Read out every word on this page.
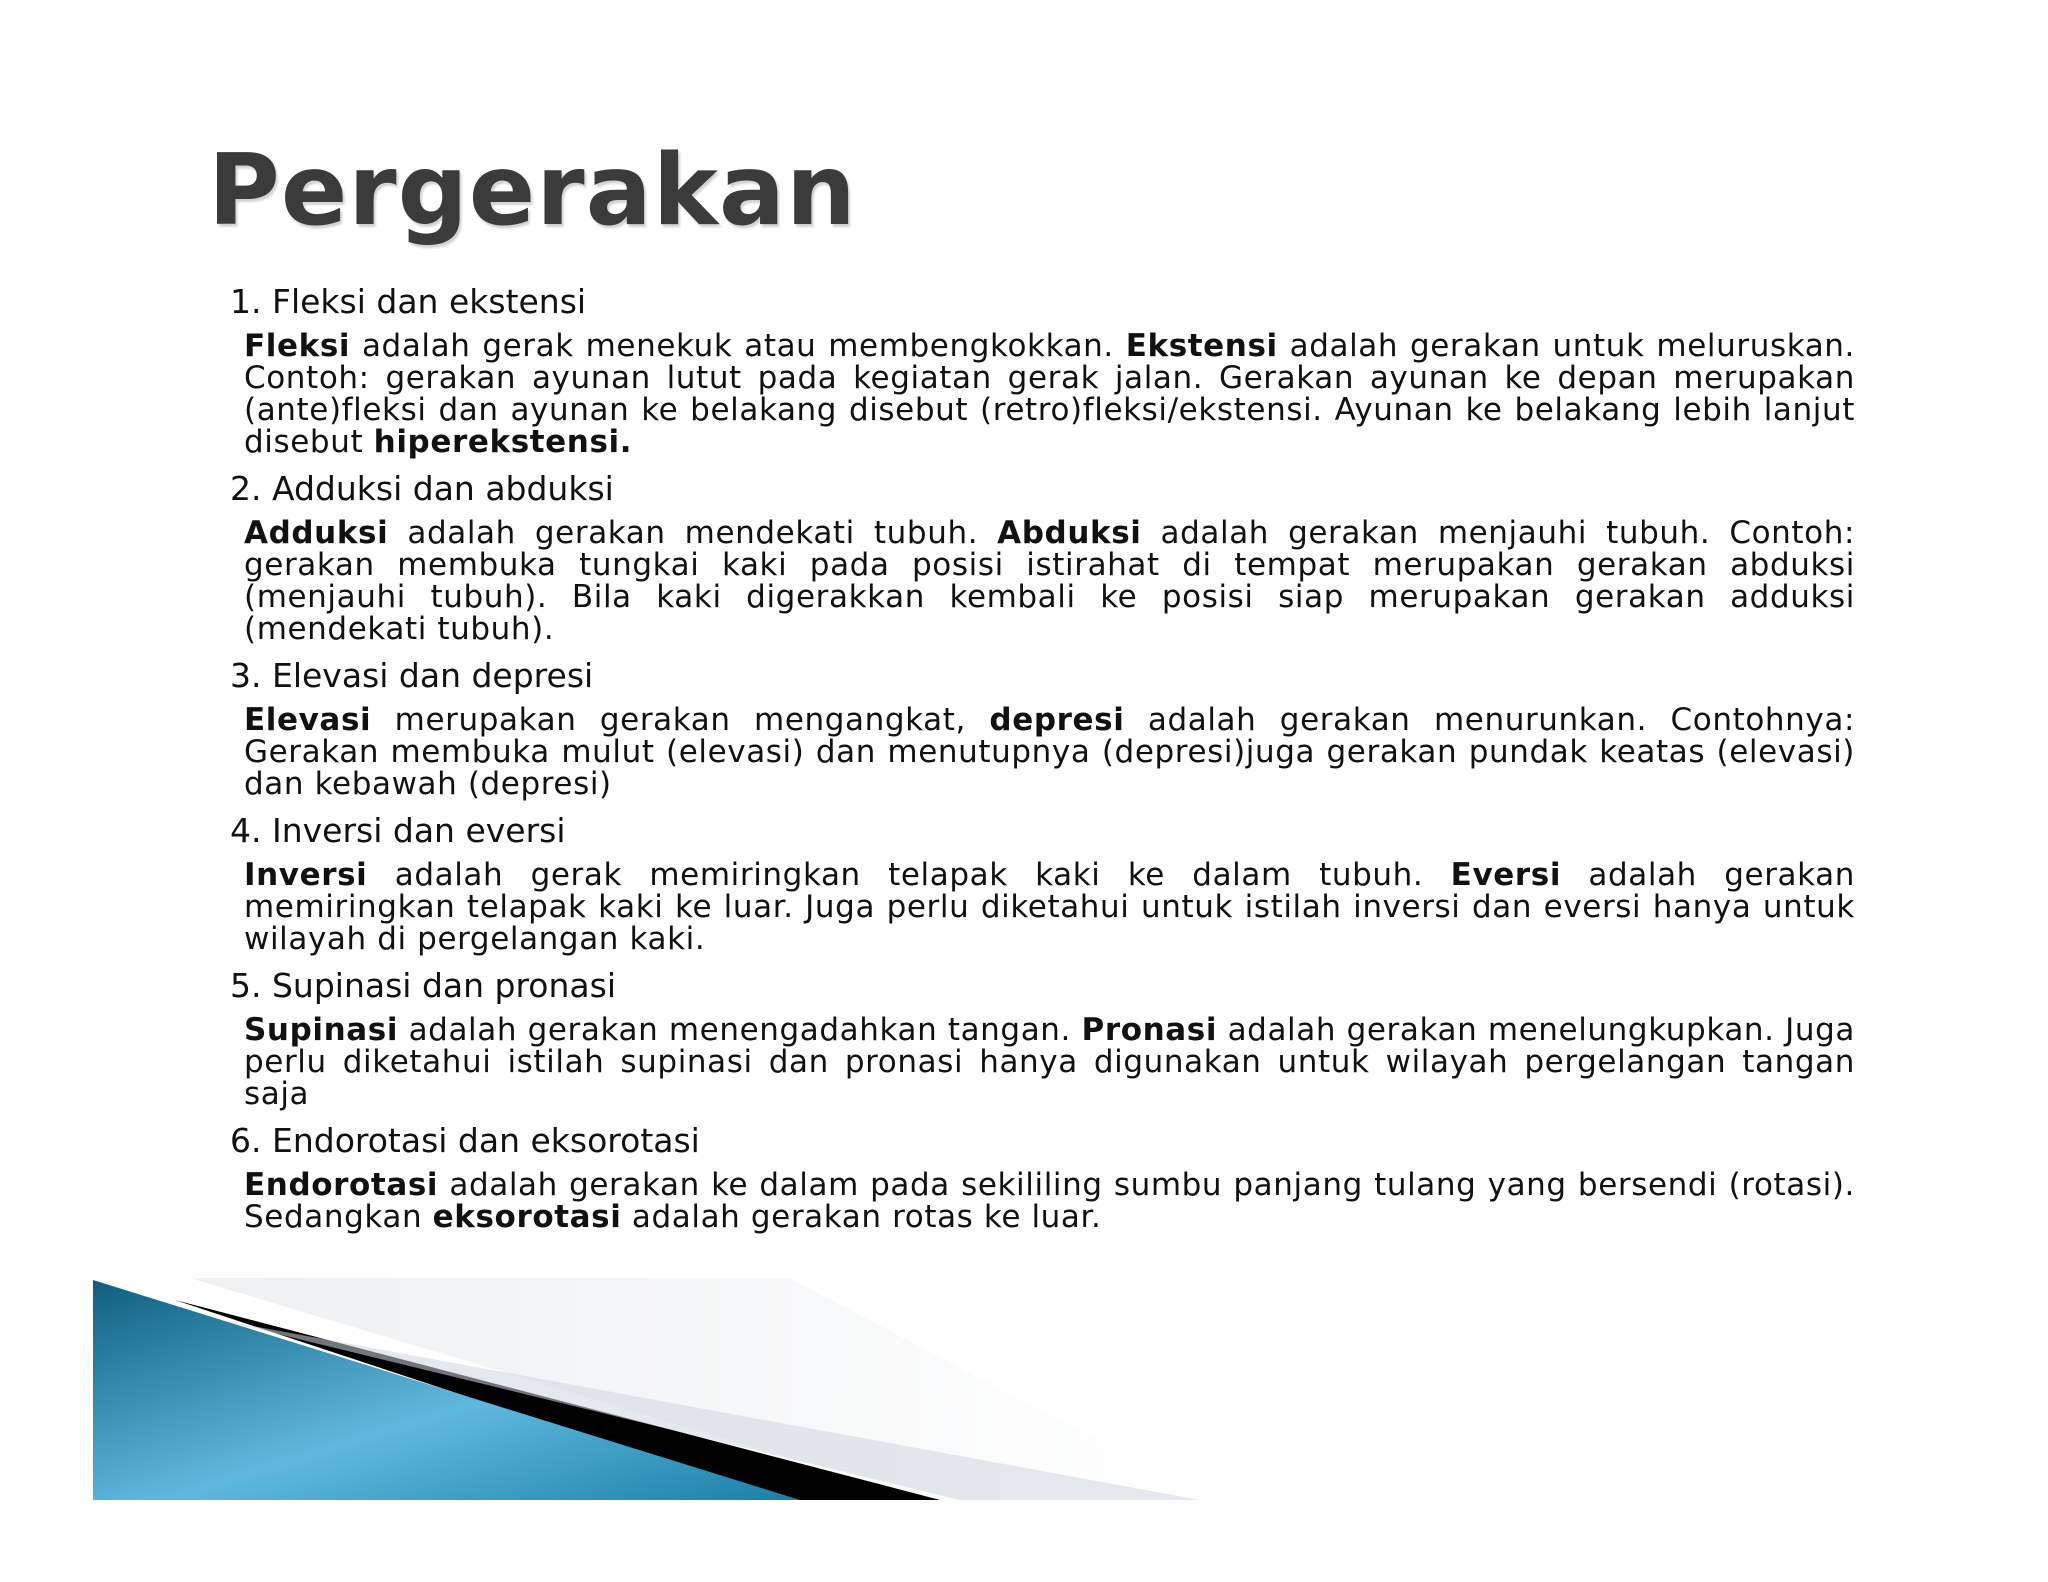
Pergerakan

1. Fleksi dan ekstensi

Fleksi adalah gerak menekuk atau membengkokkan. Ekstensi adalah gerakan untuk meluruskan. Contoh: gerakan ayunan lutut pada kegiatan gerak jalan. Gerakan ayunan ke depan merupakan (ante)fleksi dan ayunan ke belakang disebut (retro)fleksi/ekstensi. Ayunan ke belakang lebih lanjut disebut hiperekstensi.

2. Adduksi dan abduksi

Adduksi adalah gerakan mendekati tubuh. Abduksi adalah gerakan menjauhi tubuh. Contoh: gerakan membuka tungkai kaki pada posisi istirahat di tempat merupakan gerakan abduksi (menjauhi tubuh). Bila kaki digerakkan kembali ke posisi siap merupakan gerakan adduksi (mendekati tubuh).

3. Elevasi dan depresi

Elevasi merupakan gerakan mengangkat, depresi adalah gerakan menurunkan. Contohnya: Gerakan membuka mulut (elevasi) dan menutupnya (depresi)juga gerakan pundak keatas (elevasi) dan kebawah (depresi)

4. Inversi dan eversi

Inversi adalah gerak memiringkan telapak kaki ke dalam tubuh. Eversi adalah gerakan memiringkan telapak kaki ke luar. Juga perlu diketahui untuk istilah inversi dan eversi hanya untuk wilayah di pergelangan kaki.

5. Supinasi dan pronasi

Supinasi adalah gerakan menengadahkan tangan. Pronasi adalah gerakan menelungkupkan. Juga perlu diketahui istilah supinasi dan pronasi hanya digunakan untuk wilayah pergelangan tangan saja

6. Endorotasi dan eksorotasi

Endorotasi adalah gerakan ke dalam pada sekililing sumbu panjang tulang yang bersendi (rotasi). Sedangkan eksorotasi adalah gerakan rotas ke luar.
